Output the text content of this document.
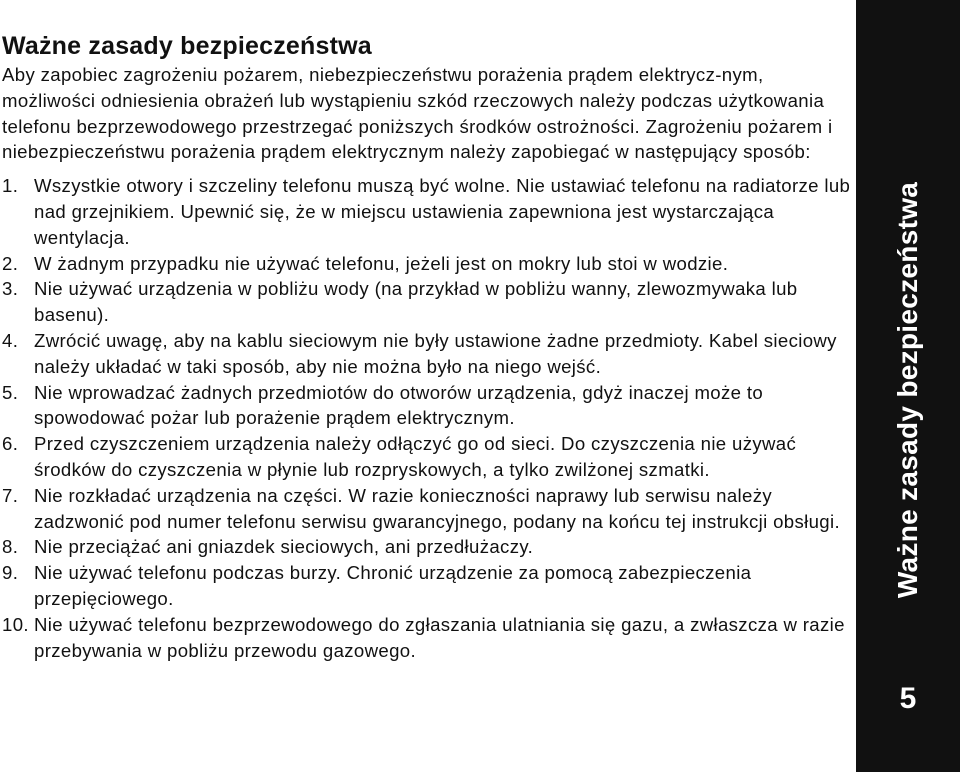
Ważne zasady bezpieczeństwa

Aby zapobiec zagrożeniu pożarem, niebezpieczeństwu porażenia prądem elektrycz-nym, możliwości odniesienia obrażeń lub wystąpieniu szkód rzeczowych należy podczas użytkowania telefonu bezprzewodowego przestrzegać poniższych środków ostrożności. Zagrożeniu pożarem i niebezpieczeństwu porażenia prądem elektrycznym należy zapobiegać w następujący sposób:

1. Wszystkie otwory i szczeliny telefonu muszą być wolne. Nie ustawiać telefonu na radiatorze lub nad grzejnikiem. Upewnić się, że w miejscu ustawienia zapewniona jest wystarczająca wentylacja.
2. W żadnym przypadku nie używać telefonu, jeżeli jest on mokry lub stoi w wodzie.
3. Nie używać urządzenia w pobliżu wody (na przykład w pobliżu wanny, zlewozmywaka lub basenu).
4. Zwrócić uwagę, aby na kablu sieciowym nie były ustawione żadne przedmioty. Kabel sieciowy należy układać w taki sposób, aby nie można było na niego wejść.
5. Nie wprowadzać żadnych przedmiotów do otworów urządzenia, gdyż inaczej może to spowodować pożar lub porażenie prądem elektrycznym.
6. Przed czyszczeniem urządzenia należy odłączyć go od sieci. Do czyszczenia nie używać środków do czyszczenia w płynie lub rozpryskowych, a tylko zwilżonej szmatki.
7. Nie rozkładać urządzenia na części. W razie konieczności naprawy lub serwisu należy zadzwonić pod numer telefonu serwisu gwarancyjnego, podany na końcu tej instrukcji obsługi.
8. Nie przeciążać ani gniazdek sieciowych, ani przedłużaczy.
9. Nie używać telefonu podczas burzy. Chronić urządzenie za pomocą zabezpieczenia przepięciowego.
10. Nie używać telefonu bezprzewodowego do zgłaszania ulatniania się gazu, a zwłaszcza w razie przebywania w pobliżu przewodu gazowego.
Ważne zasady bezpieczeństwa
5
